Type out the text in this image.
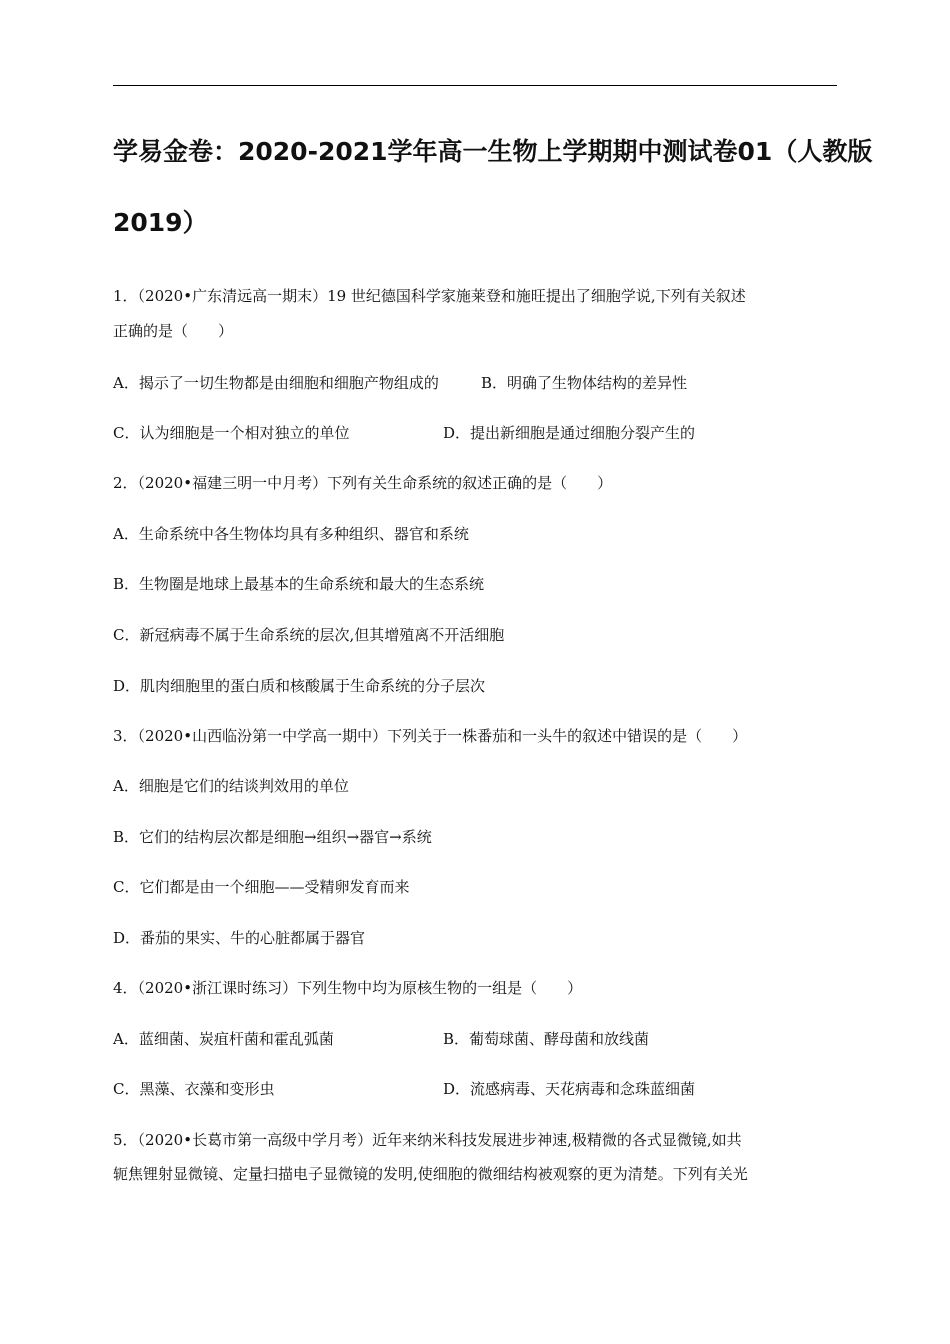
学易金卷：2020-2021学年高一生物上学期期中测试卷01（人教版
2019）
1．（2020•广东清远高一期末）19 世纪德国科学家施莱登和施旺提出了细胞学说,下列有关叙述
正确的是（　　）
A．揭示了一切生物都是由细胞和细胞产物组成的	B．明确了生物体结构的差异性
C．认为细胞是一个相对独立的单位	D．提出新细胞是通过细胞分裂产生的
2．（2020•福建三明一中月考）下列有关生命系统的叙述正确的是（　　）
A．生命系统中各生物体均具有多种组织、器官和系统
B．生物圈是地球上最基本的生命系统和最大的生态系统
C．新冠病毒不属于生命系统的层次,但其增殖离不开活细胞
D．肌肉细胞里的蛋白质和核酸属于生命系统的分子层次
3．（2020•山西临汾第一中学高一期中）下列关于一株番茄和一头牛的叙述中错误的是（　　）
A．细胞是它们的结谈判效用的单位
B．它们的结构层次都是细胞→组织→器官→系统
C．它们都是由一个细胞——受精卵发育而来
D．番茄的果实、牛的心脏都属于器官
4．（2020•浙江课时练习）下列生物中均为原核生物的一组是（　　）
A．蓝细菌、炭疽杆菌和霍乱弧菌	B．葡萄球菌、酵母菌和放线菌
C．黑藻、衣藻和变形虫	D．流感病毒、天花病毒和念珠蓝细菌
5．（2020•长葛市第一高级中学月考）近年来纳米科技发展进步神速,极精微的各式显微镜,如共
轭焦锂射显微镜、定量扫描电子显微镜的发明,使细胞的微细结构被观察的更为清楚。下列有关光
